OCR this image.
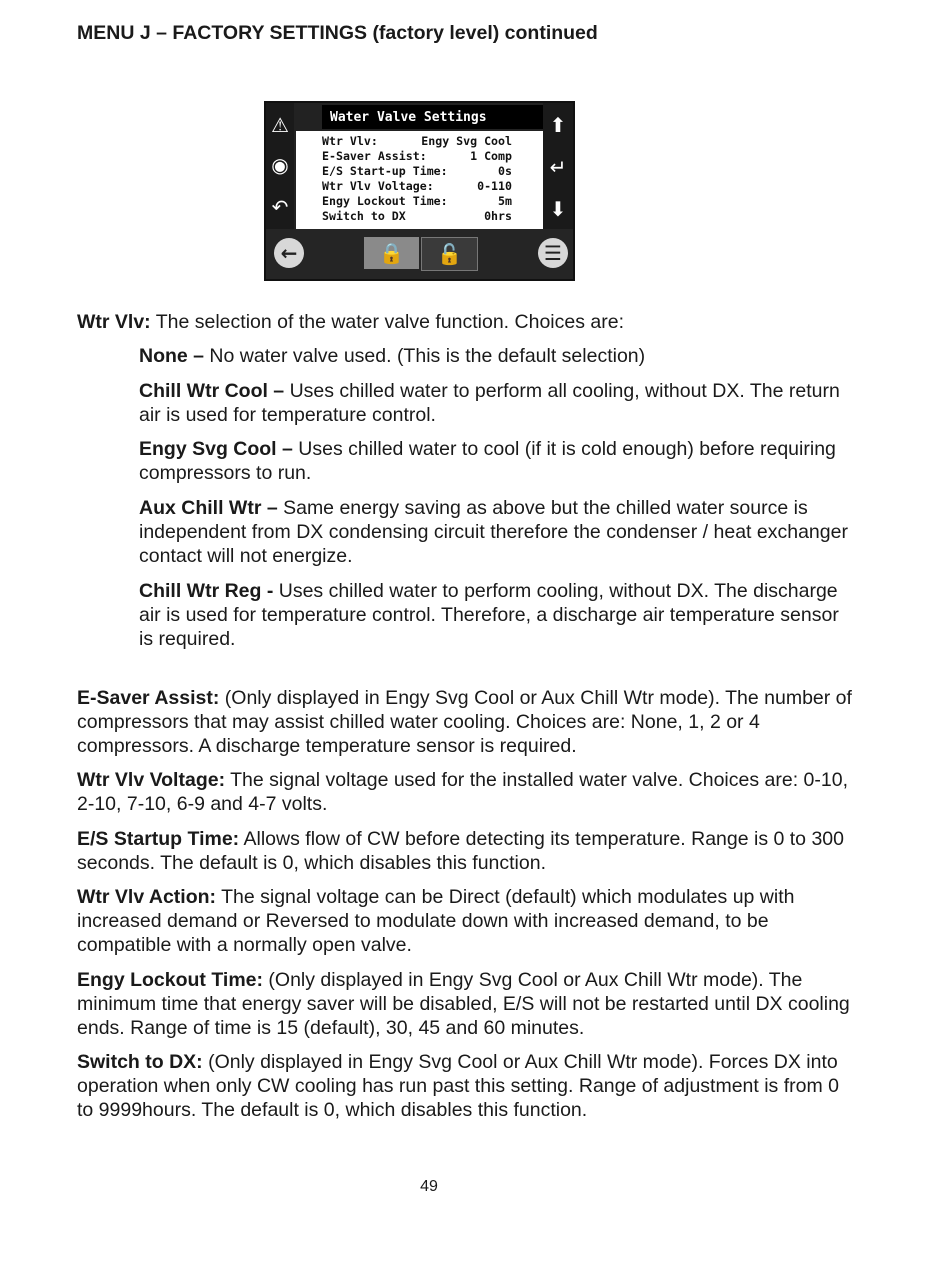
MENU J – FACTORY SETTINGS (factory level) continued
⚠
◉
↶
Water Valve Settings
Wtr Vlv:	Engy Svg Cool
E-Saver Assist:	1 Comp
E/S Start-up Time:	0s
Wtr Vlv Voltage:	0-110
Engy Lockout Time:	5m
Switch to DX	0hrs
⬆
↵
⬇
←	🔒	🔓	☰

Wtr Vlv: The selection of the water valve function. Choices are:

None – No water valve used. (This is the default selection)

Chill Wtr Cool – Uses chilled water to perform all cooling, without DX. The return air is used for temperature control.

Engy Svg Cool – Uses chilled water to cool (if it is cold enough) before requiring compressors to run.

Aux Chill Wtr – Same energy saving as above but the chilled water source is independent from DX condensing circuit therefore the condenser / heat exchanger contact will not energize.

Chill Wtr Reg - Uses chilled water to perform cooling, without DX. The discharge air is used for temperature control. Therefore, a discharge air temperature sensor is required.

E-Saver Assist: (Only displayed in Engy Svg Cool or Aux Chill Wtr mode). The number of compressors that may assist chilled water cooling. Choices are: None, 1, 2 or 4 compressors. A discharge temperature sensor is required.

Wtr Vlv Voltage: The signal voltage used for the installed water valve. Choices are: 0-10, 2-10, 7-10, 6-9 and 4-7 volts.

E/S Startup Time: Allows flow of CW before detecting its temperature. Range is 0 to 300 seconds. The default is 0, which disables this function.

Wtr Vlv Action: The signal voltage can be Direct (default) which modulates up with increased demand or Reversed to modulate down with increased demand, to be compatible with a normally open valve.

Engy Lockout Time: (Only displayed in Engy Svg Cool or Aux Chill Wtr mode). The minimum time that energy saver will be disabled, E/S will not be restarted until DX cooling ends. Range of time is 15 (default), 30, 45 and 60 minutes.

Switch to DX: (Only displayed in Engy Svg Cool or Aux Chill Wtr mode). Forces DX into operation when only CW cooling has run past this setting. Range of adjustment is from 0 to 9999hours. The default is 0, which disables this function.

49
